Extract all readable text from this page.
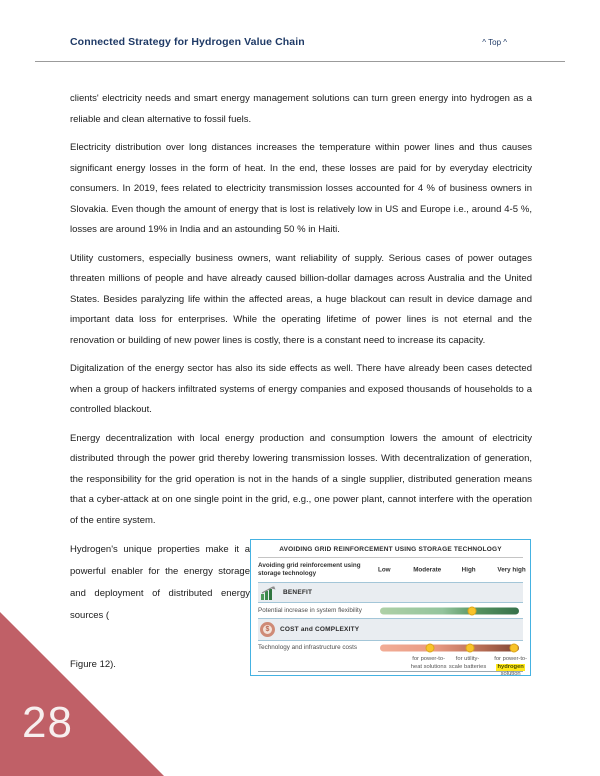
Connected Strategy for Hydrogen Value Chain	^ Top ^

clients' electricity needs and smart energy management solutions can turn green energy into hydrogen as a reliable and clean alternative to fossil fuels.

Electricity distribution over long distances increases the temperature within power lines and thus causes significant energy losses in the form of heat. In the end, these losses are paid for by everyday electricity consumers. In 2019, fees related to electricity transmission losses accounted for 4 % of business owners in Slovakia. Even though the amount of energy that is lost is relatively low in US and Europe i.e., around 4-5 %, losses are around 19% in India and an astounding 50 % in Haiti.

Utility customers, especially business owners, want reliability of supply. Serious cases of power outages threaten millions of people and have already caused billion-dollar damages across Australia and the United States. Besides paralyzing life within the affected areas, a huge blackout can result in device damage and important data loss for enterprises. While the operating lifetime of power lines is not eternal and the renovation or building of new power lines is costly, there is a constant need to increase its capacity.

Digitalization of the energy sector has also its side effects as well. There have already been cases detected when a group of hackers infiltrated systems of energy companies and exposed thousands of households to a controlled blackout.

Energy decentralization with local energy production and consumption lowers the amount of electricity distributed through the power grid thereby lowering transmission losses. With decentralization of generation, the responsibility for the grid operation is not in the hands of a single supplier, distributed generation means that a cyber-attack at on one single point in the grid, e.g., one power plant, cannot interfere with the operation of the entire system.

Hydrogen's unique properties make it a powerful enabler for the energy storage and deployment of distributed energy sources (

Figure 12).

AVOIDING GRID REINFORCEMENT USING STORAGE TECHNOLOGY
Avoiding grid reinforcement using storage technology	Low	Moderate	High	Very high
BENEFIT
Potential increase in system flexibility
$	COST and COMPLEXITY
Technology and infrastructure costs
for power-to-
heat solutions
for utility-
scale batteries
for power-to-
hydrogen
solution
28
